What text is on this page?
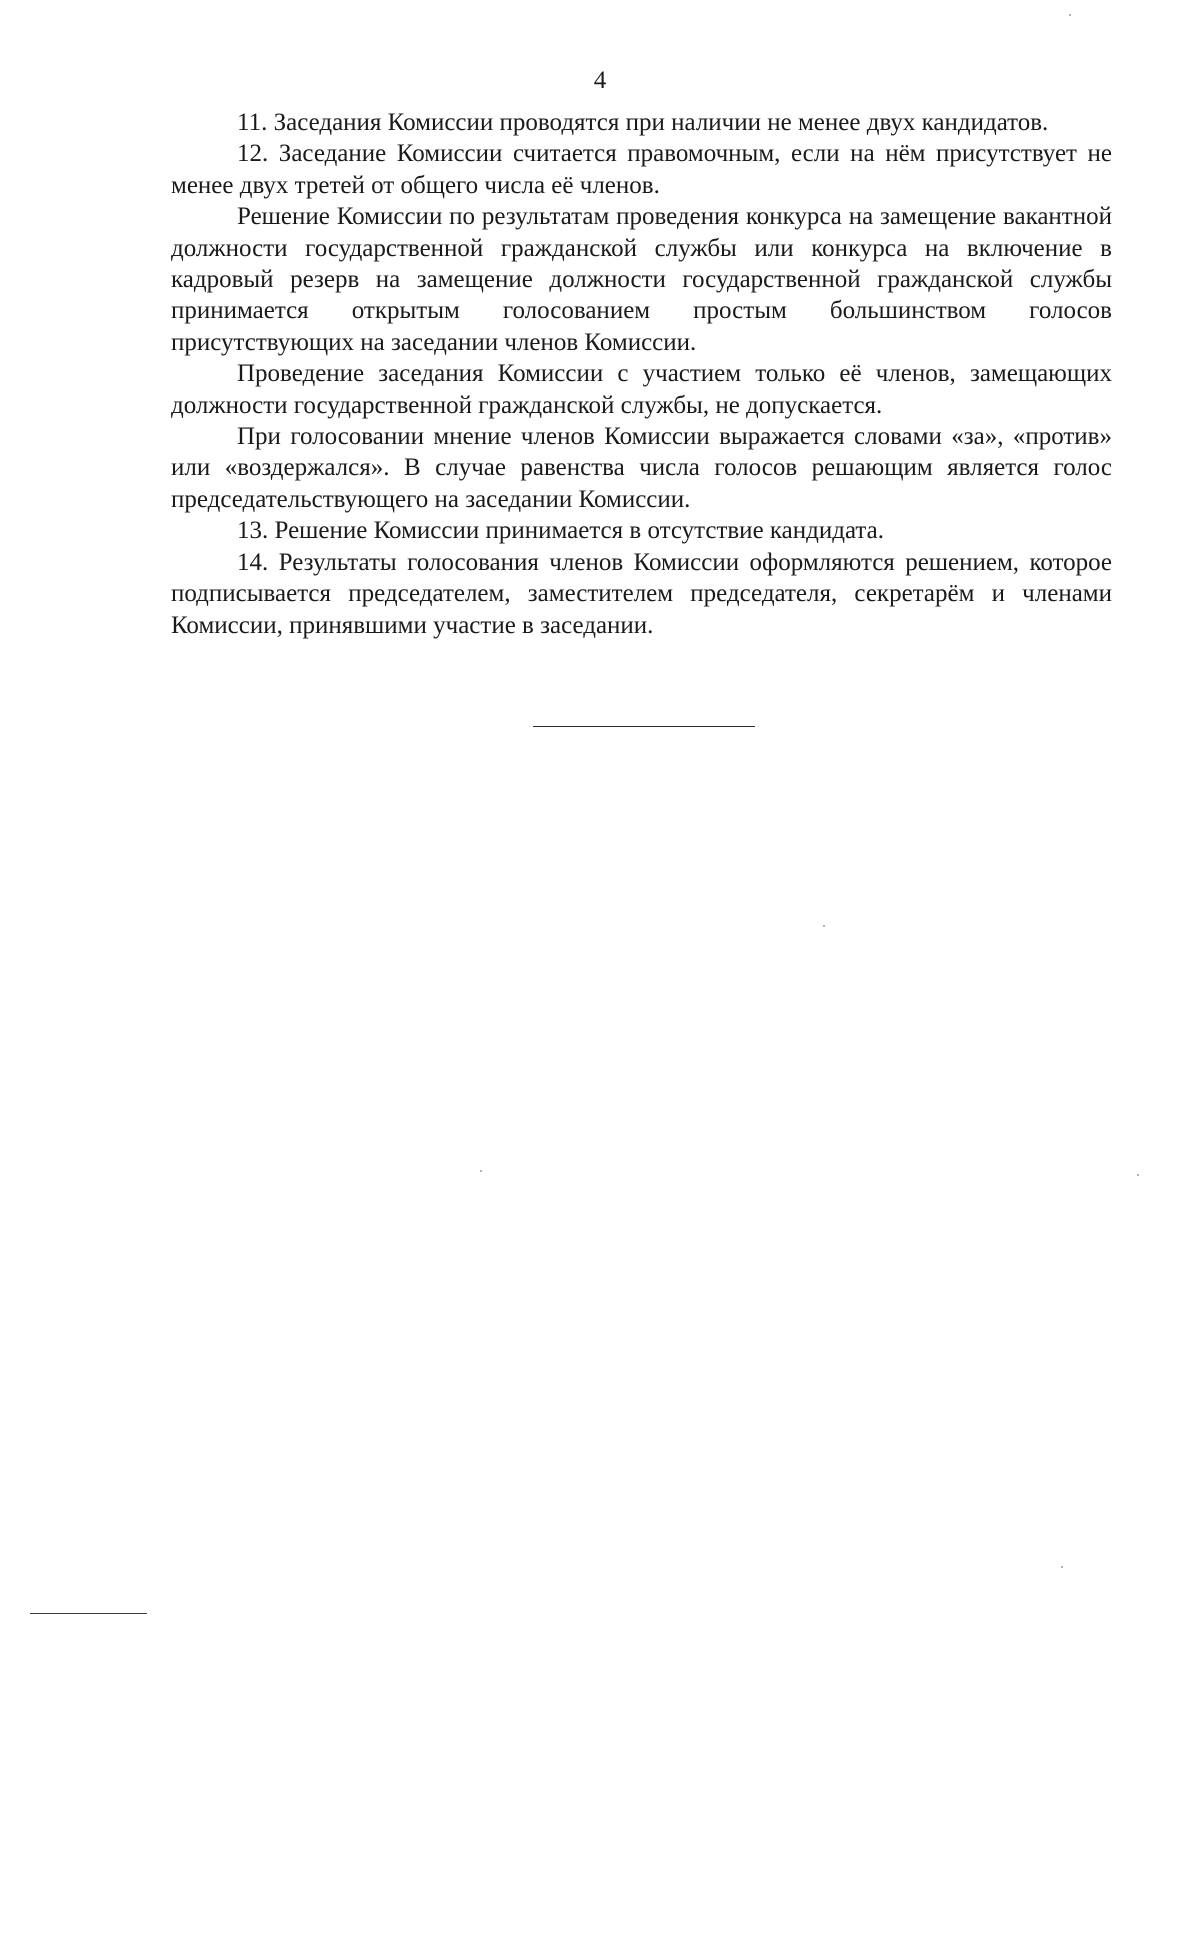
4

11. Заседания Комиссии проводятся при наличии не менее двух кандидатов.

12. Заседание Комиссии считается правомочным, если на нём присутствует не менее двух третей от общего числа её членов.

Решение Комиссии по результатам проведения конкурса на замещение вакантной должности государственной гражданской службы или конкурса на включение в кадровый резерв на замещение должности государственной гражданской службы принимается открытым голосованием простым большинством голосов присутствующих на заседании членов Комиссии.

Проведение заседания Комиссии с участием только её членов, замещающих должности государственной гражданской службы, не допускается.

При голосовании мнение членов Комиссии выражается словами «за», «против» или «воздержался». В случае равенства числа голосов решающим является голос председательствующего на заседании Комиссии.

13. Решение Комиссии принимается в отсутствие кандидата.

14. Результаты голосования членов Комиссии оформляются решением, которое подписывается председателем, заместителем председателя, секретарём и членами Комиссии, принявшими участие в заседании.
